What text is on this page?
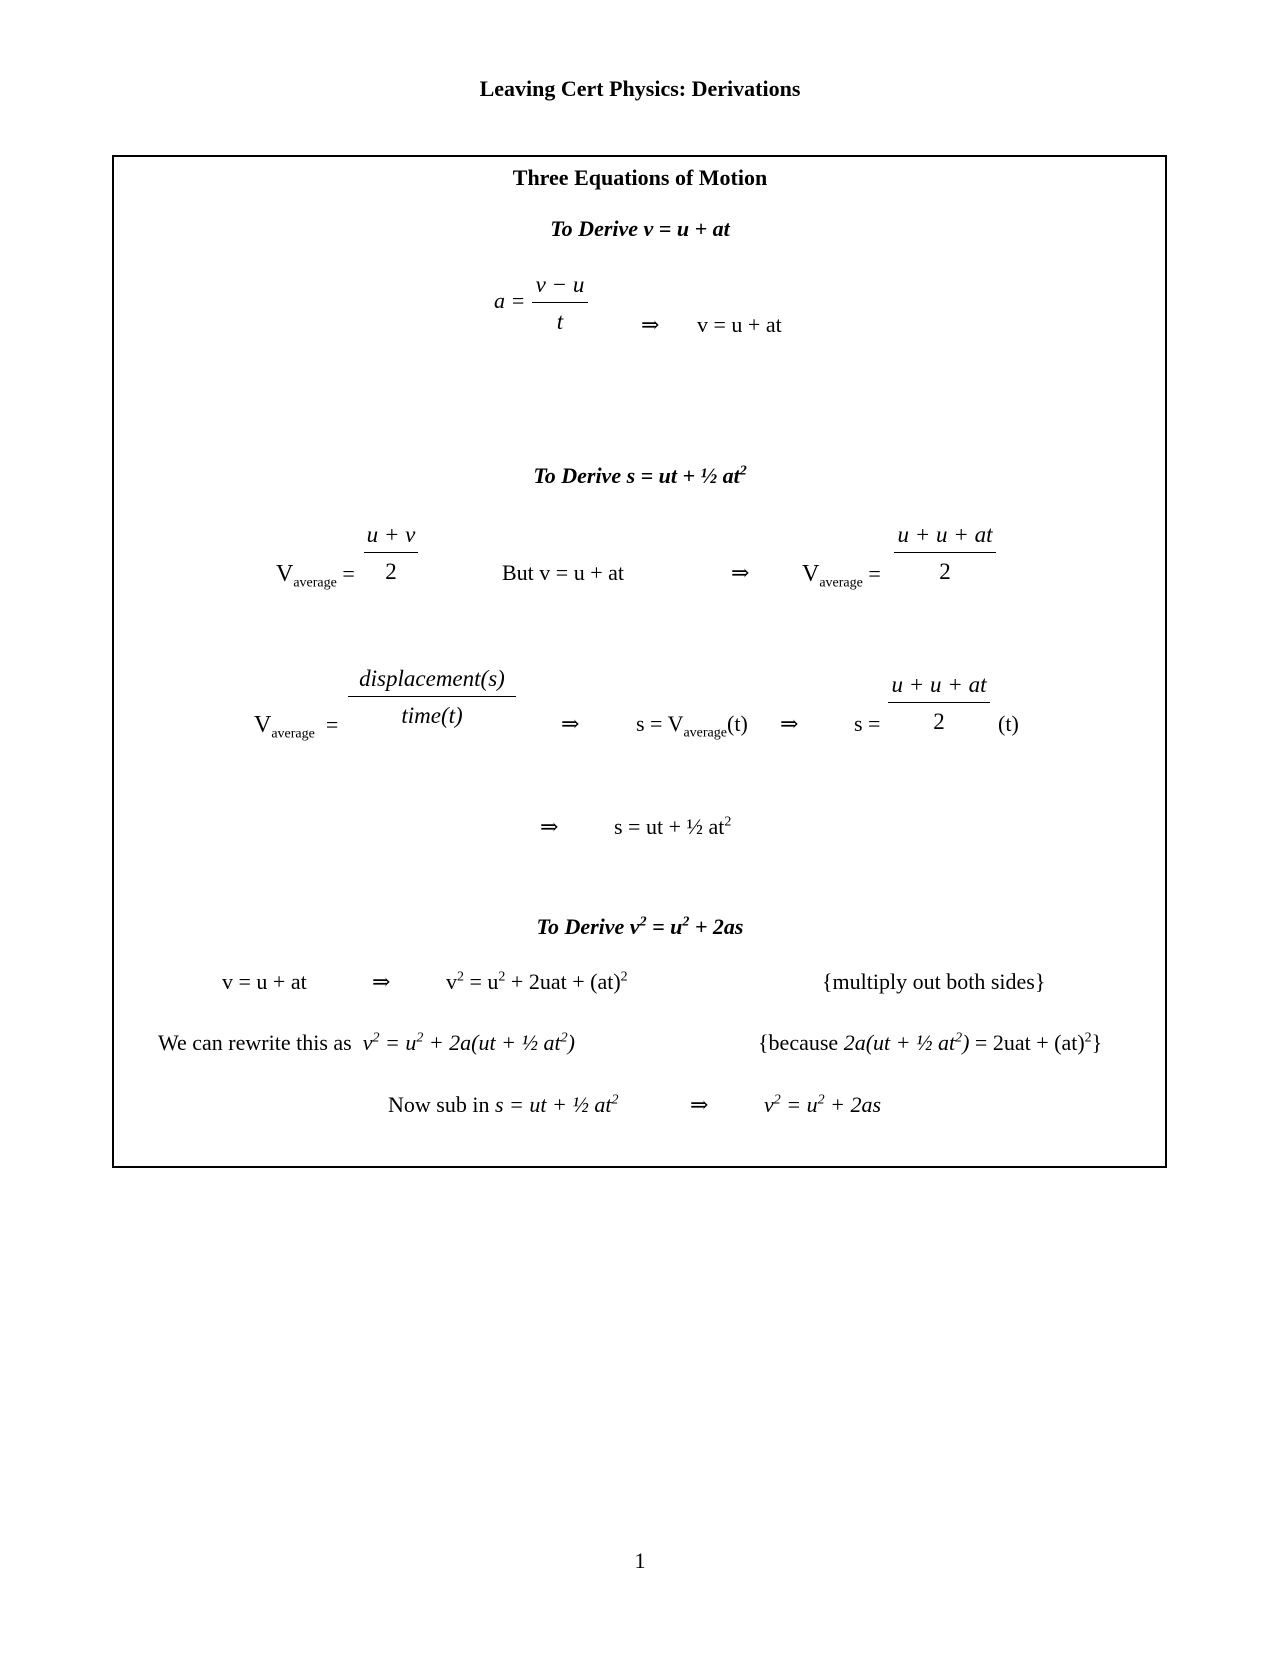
Leaving Cert Physics: Derivations
Three Equations of Motion
To Derive v = u + at
a =
v − u
t	⇒ v = u + at
To Derive s = ut + ½ $at^2$
$V_{average}$ =
u + v
2	But v = u + at	⇒ $V_{average}$ =
u + u + at
2
$V_{average}$ =
displacement(s)
time(t)	⇒	$s = V_{average}(t)$ ⇒	s =
u + u + at
2	(t)
⇒	s = ut + ½ $at^2$
To Derive $v^2 = u^2 + 2as$
v = u + at	⇒	$v^2 = u^2 + 2uat + (at)^2$	{multiply out both sides}
We can rewrite this as $v^2 = u^2 + 2a(ut$ + ½ $at^2$)	{because 2a(ut + ½ $at^2) = 2uat + (at)^2$}
Now sub in s = ut + ½ $at^2$	⇒	$v^2 = u^2 + 2as$
1
